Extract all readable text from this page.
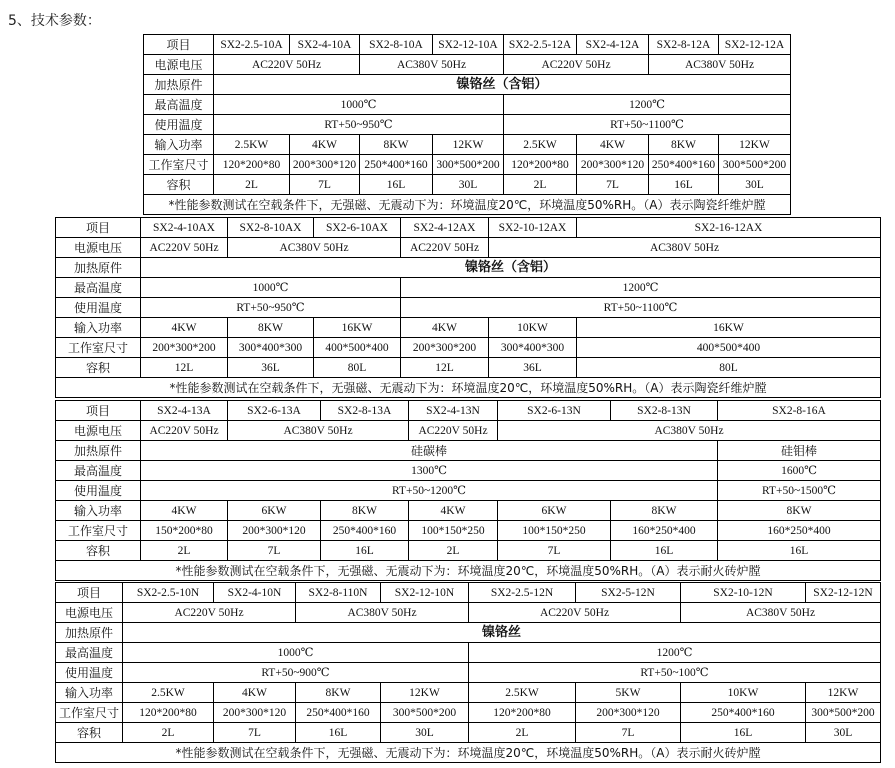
5、技术参数：
项目	SX2-2.5-10A	SX2-4-10A	SX2-8-10A	SX2-12-10A	SX2-2.5-12A	SX2-4-12A	SX2-8-12A	SX2-12-12A
电源电压	AC220V 50Hz		AC380V 50Hz		AC220V 50Hz		AC380V 50Hz	
加热原件	镍铬丝（含铝）							
最高温度	1000℃				1200℃			
使用温度	RT+50~950℃				RT+50~1100℃			
输入功率	2.5KW	4KW	8KW	12KW	2.5KW	4KW	8KW	12KW
工作室尺寸	120*200*80	200*300*120	250*400*160	300*500*200	120*200*80	200*300*120	250*400*160	300*500*200
容积	2L	7L	16L	30L	2L	7L	16L	30L
*性能参数测试在空载条件下，无强磁、无震动下为：环境温度20℃，环境温度50%RH。（A）表示陶瓷纤维炉膛								
项目	SX2-4-10AX	SX2-8-10AX	SX2-6-10AX	SX2-4-12AX	SX2-10-12AX	SX2-16-12AX
电源电压	AC220V 50Hz	AC380V 50Hz		AC220V 50Hz	AC380V 50Hz	
加热原件	镍铬丝（含铝）					
最高温度	1000℃			1200℃		
使用温度	RT+50~950℃			RT+50~1100℃		
输入功率	4KW	8KW	16KW	4KW	10KW	16KW
工作室尺寸	200*300*200	300*400*300	400*500*400	200*300*200	300*400*300	400*500*400
容积	12L	36L	80L	12L	36L	80L
*性能参数测试在空载条件下，无强磁、无震动下为：环境温度20℃，环境温度50%RH。（A）表示陶瓷纤维炉膛						
项目	SX2-4-13A	SX2-6-13A	SX2-8-13A	SX2-4-13N	SX2-6-13N	SX2-8-13N	SX2-8-16A
电源电压	AC220V 50Hz	AC380V 50Hz		AC220V 50Hz	AC380V 50Hz		
加热原件	硅碳棒						硅钼棒
最高温度	1300℃						1600℃
使用温度	RT+50~1200℃						RT+50~1500℃
输入功率	4KW	6KW	8KW	4KW	6KW	8KW	8KW
工作室尺寸	150*200*80	200*300*120	250*400*160	100*150*250	100*150*250	160*250*400	160*250*400
容积	2L	7L	16L	2L	7L	16L	16L
*性能参数测试在空载条件下，无强磁、无震动下为：环境温度20℃，环境温度50%RH。（A）表示耐火砖炉膛							
项目	SX2-2.5-10N	SX2-4-10N	SX2-8-110N	SX2-12-10N	SX2-2.5-12N	SX2-5-12N	SX2-10-12N	SX2-12-12N
电源电压	AC220V 50Hz		AC380V 50Hz		AC220V 50Hz		AC380V 50Hz	
加热原件	镍铬丝							
最高温度	1000℃				1200℃			
使用温度	RT+50~900℃				RT+50~100℃			
输入功率	2.5KW	4KW	8KW	12KW	2.5KW	5KW	10KW	12KW
工作室尺寸	120*200*80	200*300*120	250*400*160	300*500*200	120*200*80	200*300*120	250*400*160	300*500*200
容积	2L	7L	16L	30L	2L	7L	16L	30L
*性能参数测试在空载条件下，无强磁、无震动下为：环境温度20℃，环境温度50%RH。（A）表示耐火砖炉膛								
